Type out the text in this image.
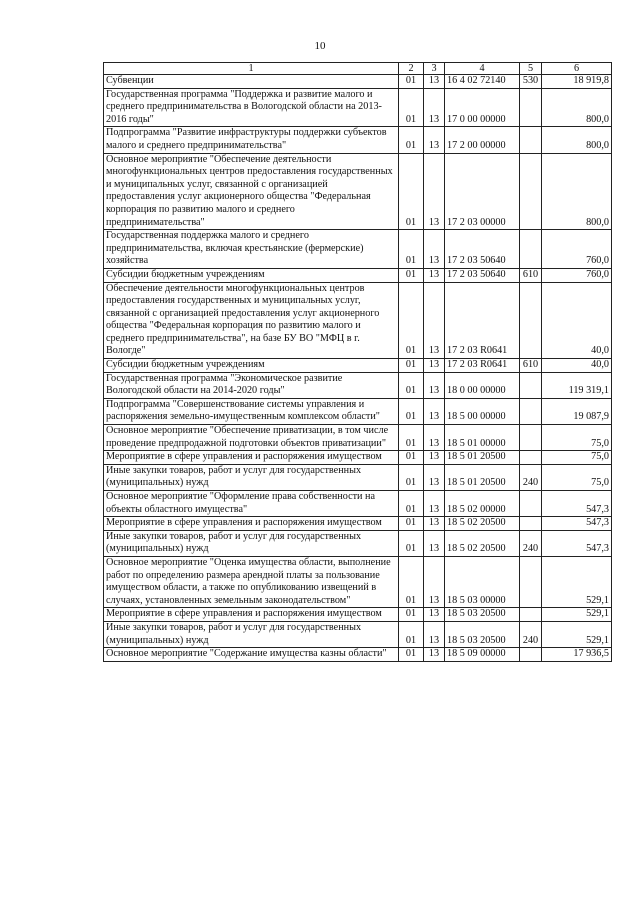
10
1	2	3	4	5	6
Субвенции	01	13	16 4 02 72140	530	18 919,8
Государственная программа "Поддержка и развитие малого и среднего предпринимательства в Вологодской области на 2013-2016 годы"	01	13	17 0 00 00000		800,0
Подпрограмма "Развитие инфраструктуры поддержки субъектов малого и среднего предпринимательства"	01	13	17 2 00 00000		800,0
Основное мероприятие "Обеспечение деятельности многофункциональных центров предоставления государственных и муниципальных услуг, связанной с организацией предоставления услуг акционерного общества "Федеральная корпорация по развитию малого и среднего предпринимательства"	01	13	17 2 03 00000		800,0
Государственная поддержка малого и среднего предпринимательства, включая крестьянские (фермерские) хозяйства	01	13	17 2 03 50640		760,0
Субсидии бюджетным учреждениям	01	13	17 2 03 50640	610	760,0
Обеспечение деятельности многофункциональных центров предоставления государственных и муниципальных услуг, связанной с организацией предоставления услуг акционерного общества "Федеральная корпорация по развитию малого и среднего предпринимательства", на базе БУ ВО "МФЦ в г. Вологде"	01	13	17 2 03 R0641		40,0
Субсидии бюджетным учреждениям	01	13	17 2 03 R0641	610	40,0
Государственная программа "Экономическое развитие Вологодской области на 2014-2020 годы"	01	13	18 0 00 00000		119 319,1
Подпрограмма "Совершенствование системы управления и распоряжения земельно-имущественным комплексом области"	01	13	18 5 00 00000		19 087,9
Основное мероприятие "Обеспечение приватизации, в том числе проведение предпродажной подготовки объектов приватизации"	01	13	18 5 01 00000		75,0
Мероприятие в сфере управления и распоряжения имуществом	01	13	18 5 01 20500		75,0
Иные закупки товаров, работ и услуг для государственных (муниципальных) нужд	01	13	18 5 01 20500	240	75,0
Основное мероприятие "Оформление права собственности на объекты областного имущества"	01	13	18 5 02 00000		547,3
Мероприятие в сфере управления и распоряжения имуществом	01	13	18 5 02 20500		547,3
Иные закупки товаров, работ и услуг для государственных (муниципальных) нужд	01	13	18 5 02 20500	240	547,3
Основное мероприятие "Оценка имущества области, выполнение работ по определению размера арендной платы за пользование имуществом области, а также по опубликованию извещений в случаях, установленных земельным законодательством"	01	13	18 5 03 00000		529,1
Мероприятие в сфере управления и распоряжения имуществом	01	13	18 5 03 20500		529,1
Иные закупки товаров, работ и услуг для государственных (муниципальных) нужд	01	13	18 5 03 20500	240	529,1
Основное мероприятие "Содержание имущества казны области"	01	13	18 5 09 00000		17 936,5
